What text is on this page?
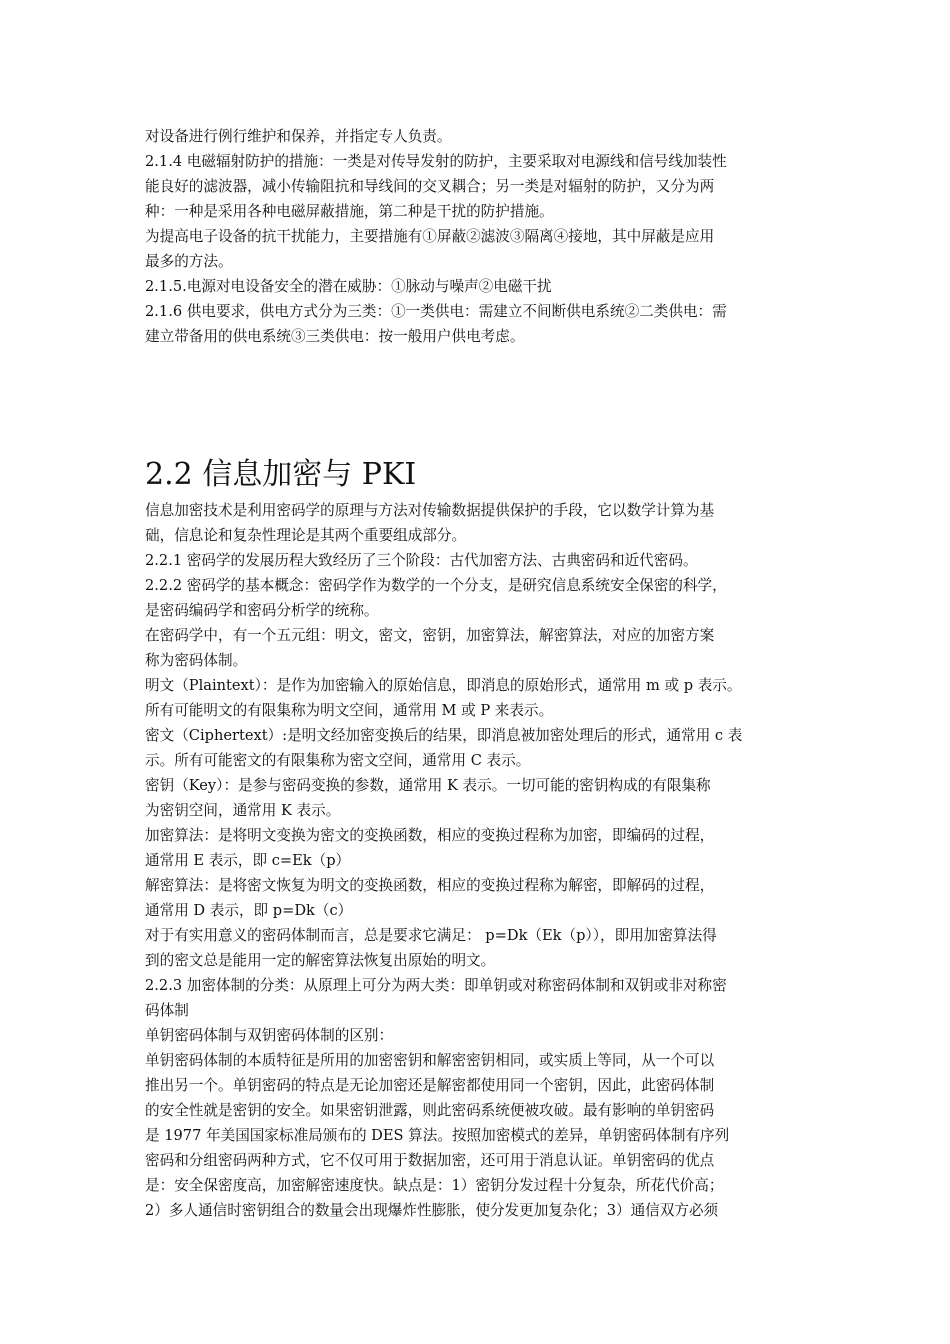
对设备进行例行维护和保养，并指定专人负责。
2.1.4 电磁辐射防护的措施：一类是对传导发射的防护，主要采取对电源线和信号线加装性
能良好的滤波器，减小传输阻抗和导线间的交叉耦合；另一类是对辐射的防护，又分为两
种：一种是采用各种电磁屏蔽措施，第二种是干扰的防护措施。
为提高电子设备的抗干扰能力，主要措施有①屏蔽②滤波③隔离④接地，其中屏蔽是应用
最多的方法。
2.1.5.电源对电设备安全的潜在威胁：①脉动与噪声②电磁干扰
2.1.6 供电要求，供电方式分为三类：①一类供电：需建立不间断供电系统②二类供电：需
建立带备用的供电系统③三类供电：按一般用户供电考虑。
2.2 信息加密与 PKI
信息加密技术是利用密码学的原理与方法对传输数据提供保护的手段，它以数学计算为基
础，信息论和复杂性理论是其两个重要组成部分。
2.2.1 密码学的发展历程大致经历了三个阶段：古代加密方法、古典密码和近代密码。
2.2.2 密码学的基本概念：密码学作为数学的一个分支，是研究信息系统安全保密的科学，
是密码编码学和密码分析学的统称。
在密码学中，有一个五元组：明文，密文，密钥，加密算法，解密算法，对应的加密方案
称为密码体制。
明文（Plaintext）：是作为加密输入的原始信息，即消息的原始形式，通常用 m 或 p 表示。
所有可能明文的有限集称为明文空间，通常用 M 或 P 来表示。
密文（Ciphertext）:是明文经加密变换后的结果，即消息被加密处理后的形式，通常用 c 表
示。所有可能密文的有限集称为密文空间，通常用 C 表示。
密钥（Key）：是参与密码变换的参数，通常用 K 表示。一切可能的密钥构成的有限集称
为密钥空间，通常用 K 表示。
加密算法：是将明文变换为密文的变换函数，相应的变换过程称为加密，即编码的过程，
通常用 E 表示，即 c=Ek（p）
解密算法：是将密文恢复为明文的变换函数，相应的变换过程称为解密，即解码的过程，
通常用 D 表示，即 p=Dk（c）
对于有实用意义的密码体制而言，总是要求它满足： p=Dk（Ek（p）），即用加密算法得
到的密文总是能用一定的解密算法恢复出原始的明文。
2.2.3 加密体制的分类：从原理上可分为两大类：即单钥或对称密码体制和双钥或非对称密
码体制
单钥密码体制与双钥密码体制的区别：
单钥密码体制的本质特征是所用的加密密钥和解密密钥相同，或实质上等同，从一个可以
推出另一个。单钥密码的特点是无论加密还是解密都使用同一个密钥，因此，此密码体制
的安全性就是密钥的安全。如果密钥泄露，则此密码系统便被攻破。最有影响的单钥密码
是 1977 年美国国家标准局颁布的 DES 算法。按照加密模式的差异，单钥密码体制有序列
密码和分组密码两种方式，它不仅可用于数据加密，还可用于消息认证。单钥密码的优点
是：安全保密度高，加密解密速度快。缺点是：1）密钥分发过程十分复杂，所花代价高；
2）多人通信时密钥组合的数量会出现爆炸性膨胀，使分发更加复杂化；3）通信双方必须
